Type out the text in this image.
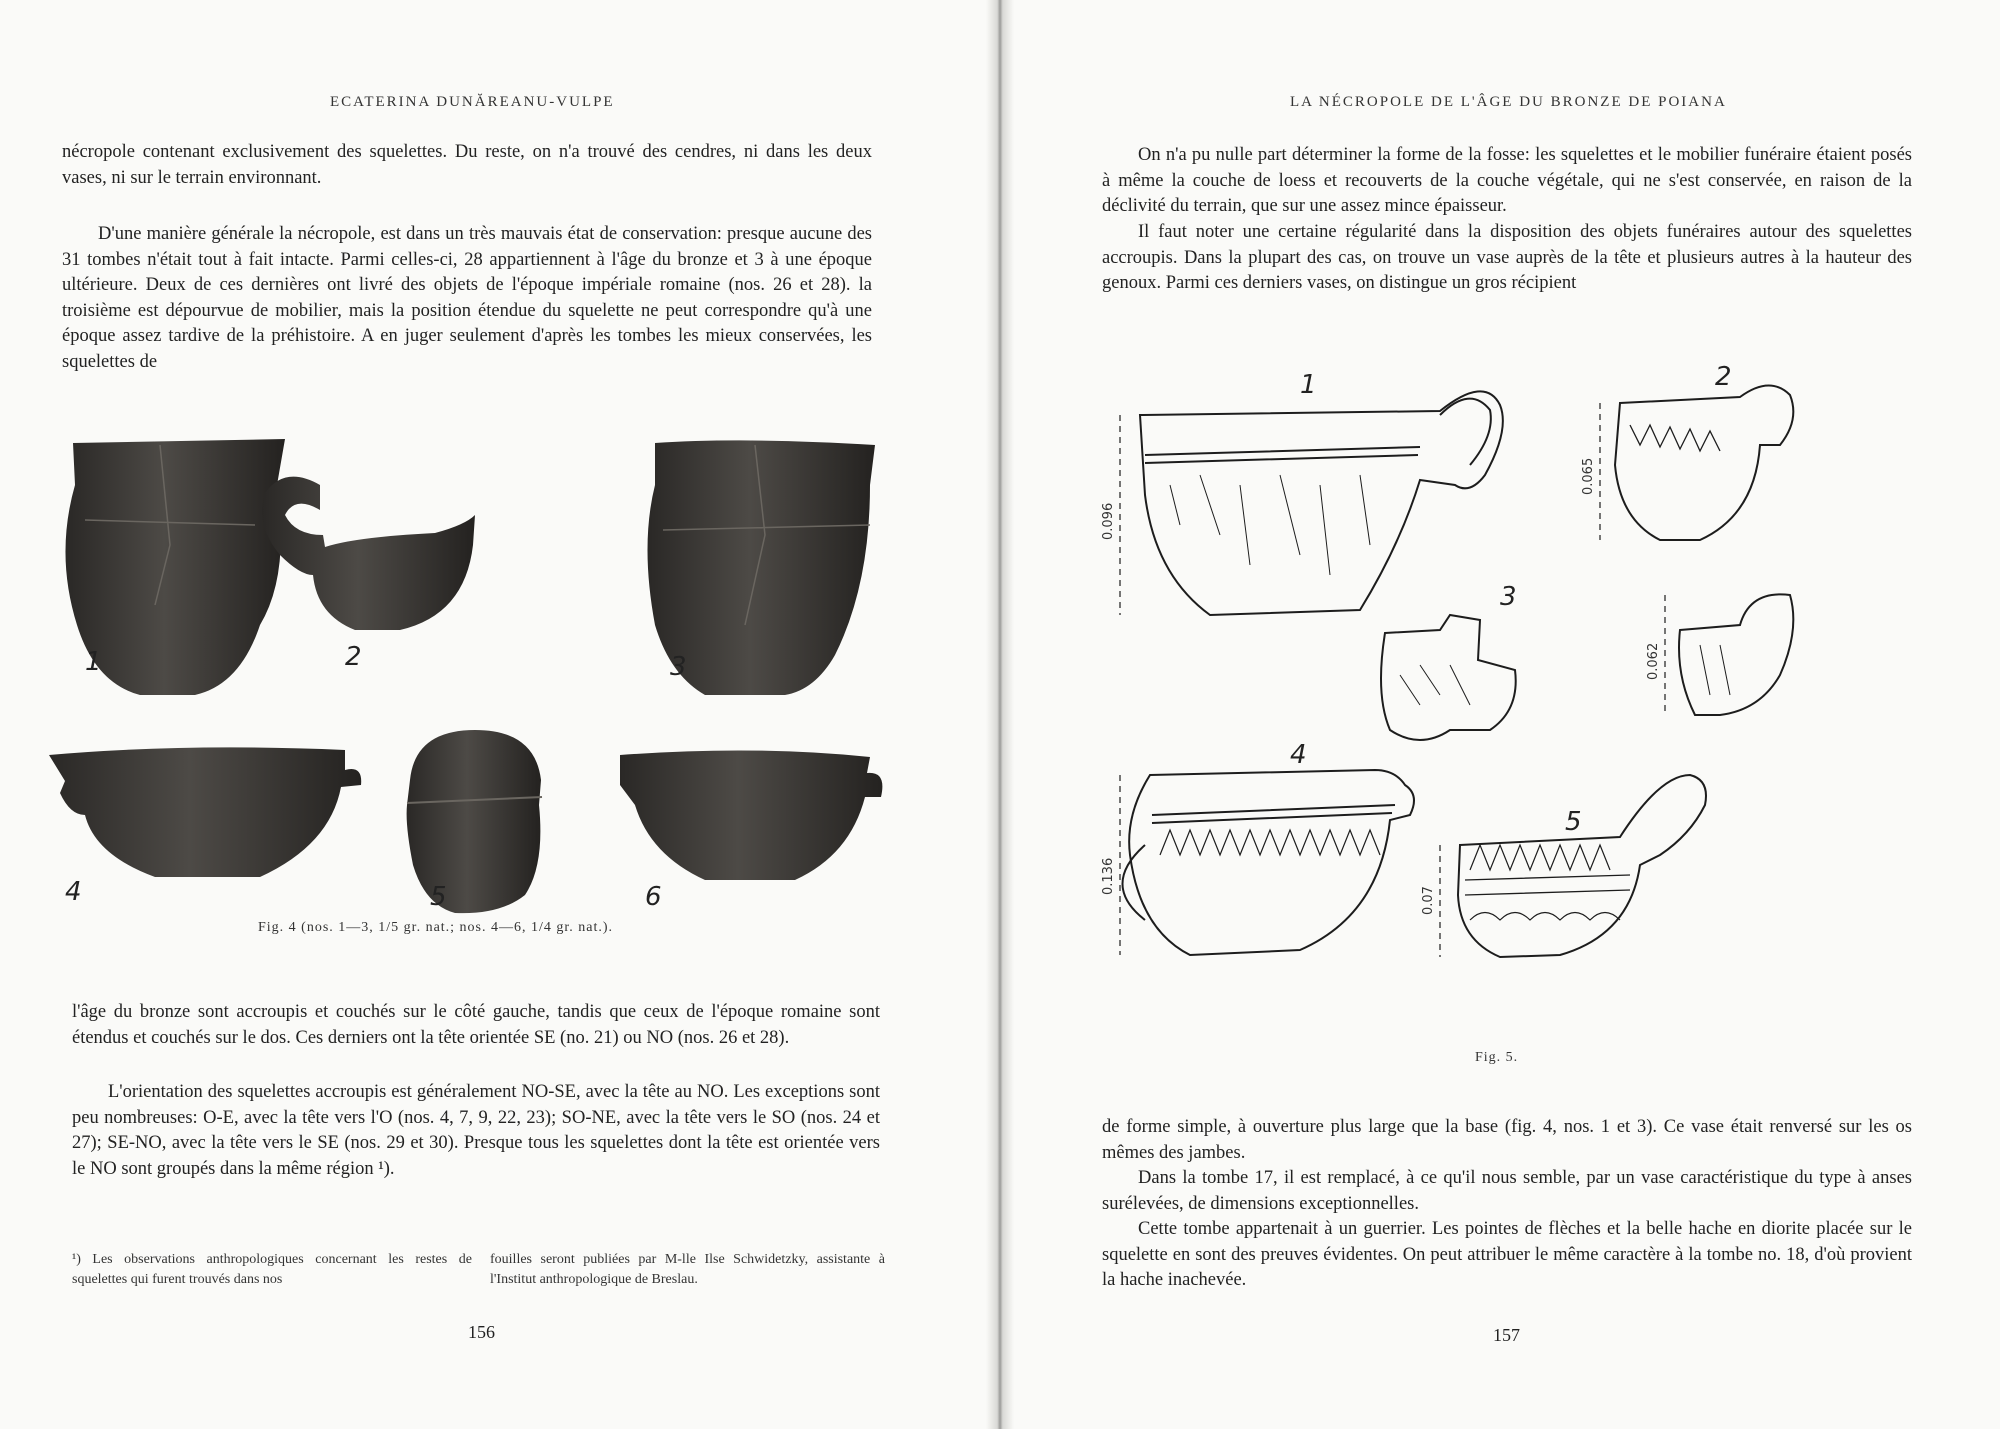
ECATERINA DUNĂREANU-VULPE

nécropole contenant exclusivement des squelettes. Du reste, on n'a trouvé des cendres, ni dans les deux vases, ni sur le terrain environnant.

D'une manière générale la nécropole, est dans un très mauvais état de conservation: presque aucune des 31 tombes n'était tout à fait intacte. Parmi celles-ci, 28 appartiennent à l'âge du bronze et 3 à une époque ultérieure. Deux de ces dernières ont livré des objets de l'époque impériale romaine (nos. 26 et 28). la troisième est dépourvue de mobilier, mais la position étendue du squelette ne peut correspondre qu'à une époque assez tardive de la préhistoire. A en juger seulement d'après les tombes les mieux conservées, les squelettes de

1	2	3
4	5	6
Fig. 4 (nos. 1—3, 1/5 gr. nat.; nos. 4—6, 1/4 gr. nat.).

l'âge du bronze sont accroupis et couchés sur le côté gauche, tandis que ceux de l'époque romaine sont étendus et couchés sur le dos. Ces derniers ont la tête orientée SE (no. 21) ou NO (nos. 26 et 28).

L'orientation des squelettes accroupis est généralement NO-SE, avec la tête au NO. Les exceptions sont peu nombreuses: O-E, avec la tête vers l'O (nos. 4, 7, 9, 22, 23); SO-NE, avec la tête vers le SO (nos. 24 et 27); SE-NO, avec la tête vers le SE (nos. 29 et 30). Presque tous les squelettes dont la tête est orientée vers le NO sont groupés dans la même région ¹).

¹) Les observations anthropologiques concernant les restes de squelettes qui furent trouvés dans nos

fouilles seront publiées par M-lle Ilse Schwidetzky, assistante à l'Institut anthropologique de Breslau.

156
LA NÉCROPOLE DE L'ÂGE DU BRONZE DE POIANA

On n'a pu nulle part déterminer la forme de la fosse: les squelettes et le mobilier funéraire étaient posés à même la couche de loess et recouverts de la couche végétale, qui ne s'est conservée, en raison de la déclivité du terrain, que sur une assez mince épaisseur.

Il faut noter une certaine régularité dans la disposition des objets funéraires autour des squelettes accroupis. Dans la plupart des cas, on trouve un vase auprès de la tête et plusieurs autres à la hauteur des genoux. Parmi ces derniers vases, on distingue un gros récipient

1	2
3
4
5
0.096
0.065
0.062
0.136
0.07
Fig. 5.

de forme simple, à ouverture plus large que la base (fig. 4, nos. 1 et 3). Ce vase était renversé sur les os mêmes des jambes.

Dans la tombe 17, il est remplacé, à ce qu'il nous semble, par un vase caractéristique du type à anses surélevées, de dimensions exceptionnelles.

Cette tombe appartenait à un guerrier. Les pointes de flèches et la belle hache en diorite placée sur le squelette en sont des preuves évidentes. On peut attribuer le même caractère à la tombe no. 18, d'où provient la hache inachevée.

157
